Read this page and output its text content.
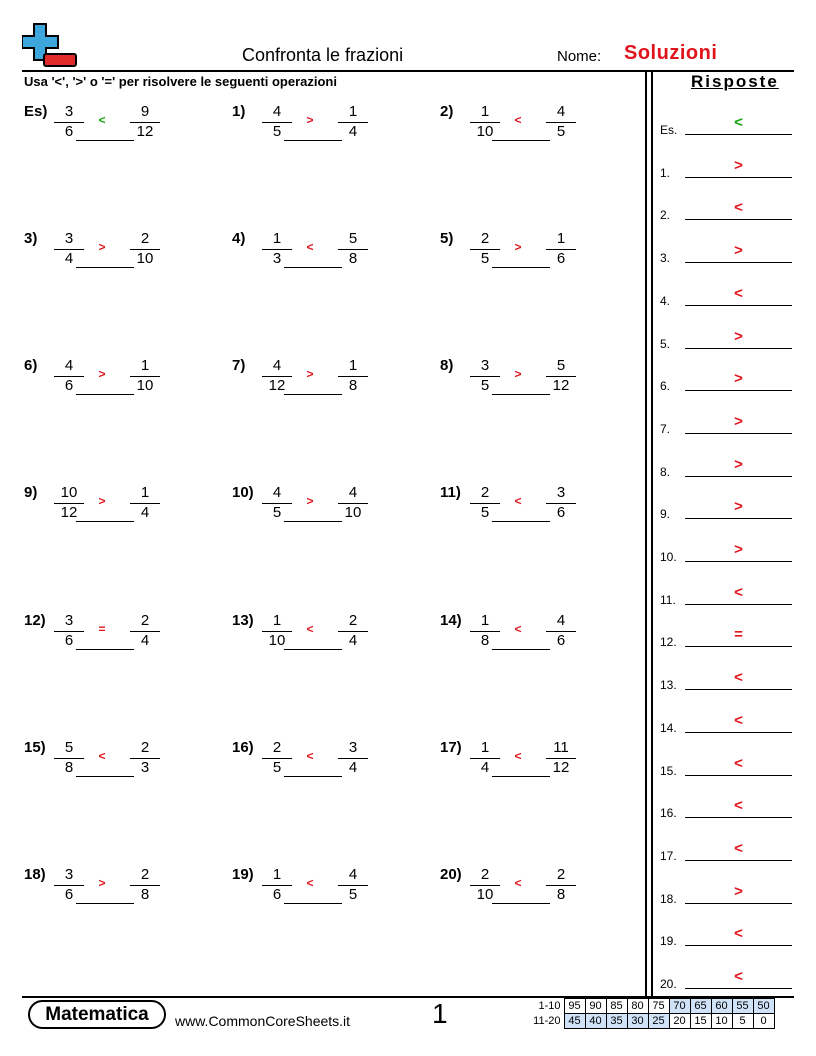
Confronta le frazioni	Nome: Soluzioni
Usa '<', '>' o '=' per risolvere le seguenti operazioni	Risposte
$Es) \frac{3}{6}$	<	$\frac{9}{12}$	$1) \frac{4}{5}$	>	$\frac{1}{4}$	$2) \frac{1}{10}$	<	$\frac{4}{5}$
$3) \frac{3}{4}$	>	$\frac{2}{10}$	$4) \frac{1}{3}$	<	$\frac{5}{8}$	$5) \frac{2}{5}$	>	$\frac{1}{6}$
$6) \frac{4}{6}$	>	$\frac{1}{10}$	$7) \frac{4}{12}$	>	$\frac{1}{8}$	$8) \frac{3}{5}$	>	$\frac{5}{12}$
$9) \frac{10}{12}$	>	$\frac{1}{4}$	$10) \frac{4}{5}$	>	$\frac{4}{10}$	$11) \frac{2}{5}$	<	$\frac{3}{6}$
$12) \frac{3}{6}$	=	$\frac{2}{4}$	$13) \frac{1}{10}$	<	$\frac{2}{4}$	$14) \frac{1}{8}$	<	$\frac{4}{6}$
$15) \frac{5}{8}$	<	$\frac{2}{3}$	$16) \frac{2}{5}$	<	$\frac{3}{4}$	$17) \frac{1}{4}$	<	$\frac{11}{12}$
$18) \frac{3}{6}$	>	$\frac{2}{8}$	$19) \frac{1}{6}$	<	$\frac{4}{5}$	$20) \frac{2}{10}$	<	$\frac{2}{8}$
Es.	<
1.	>
2.	<
3.	>
4.	<
5.	>
6.	>
7.	>
8.	>
9.	>
10.	>
11.	<
12.	=
13.	<
14.	<
15.	<
16.	<
17.	<
18.	>
19.	<
20.	<
Matematica	www.CommonCoreSheets.it	1	1-10	95	90	85	80	75	70	65	60	55	50
11-20	45	40	35	30	25	20	15	10	5	0
